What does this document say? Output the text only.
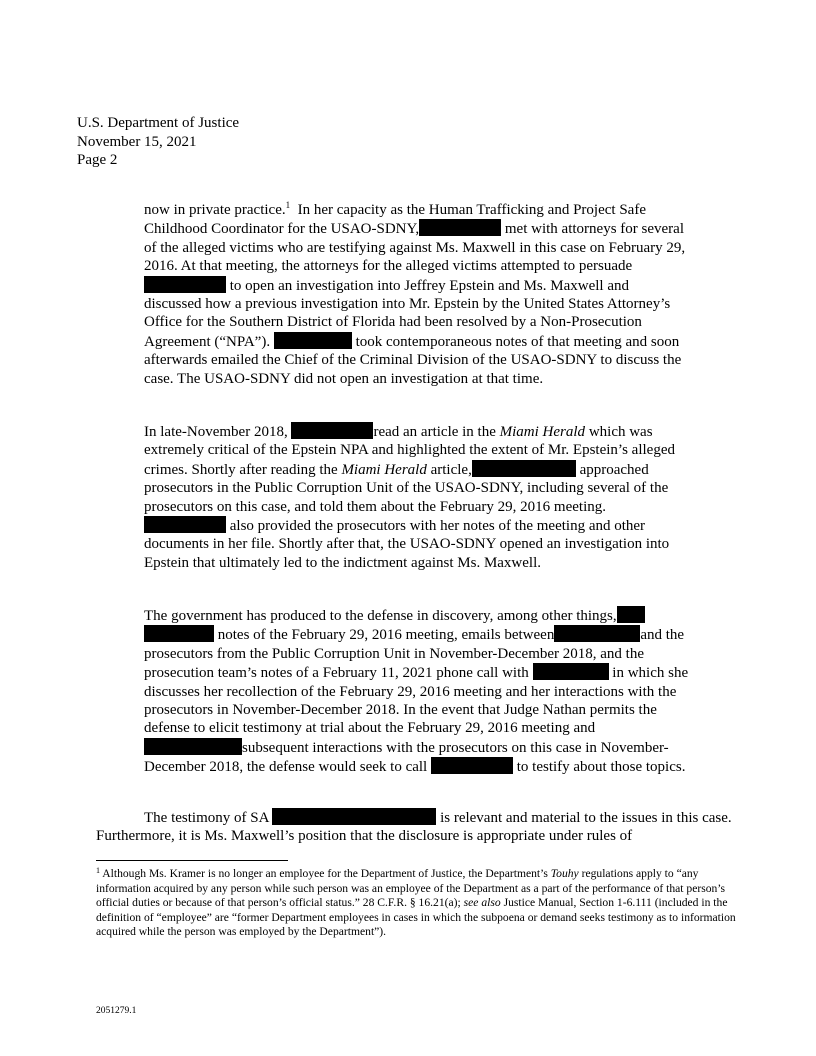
U.S. Department of Justice
November 15, 2021
Page 2

now in private practice.$^1$ In her capacity as the Human Trafficking and Project Safe Childhood Coordinator for the USAO-SDNY,	met with attorneys for several of the alleged victims who are testifying against Ms. Maxwell in this case on February 29, 2016. At that meeting, the attorneys for the alleged victims attempted to persuade to open an investigation into Jeffrey Epstein and Ms. Maxwell and discussed how a previous investigation into Mr. Epstein by the United States Attorney’s Office for the Southern District of Florida had been resolved by a Non-Prosecution Agreement (“NPA”).	took contemporaneous notes of that meeting and soon afterwards emailed the Chief of the Criminal Division of the USAO-SDNY to discuss the case. The USAO-SDNY did not open an investigation at that time.

In late-November 2018,	read an article in the Miami Herald which was extremely critical of the Epstein NPA and highlighted the extent of Mr. Epstein’s alleged crimes. Shortly after reading the Miami Herald article,	approached prosecutors in the Public Corruption Unit of the USAO-SDNY, including several of the prosecutors on this case, and told them about the February 29, 2016 meeting.  also provided the prosecutors with her notes of the meeting and other documents in her file. Shortly after that, the USAO-SDNY opened an investigation into Epstein that ultimately led to the indictment against Ms. Maxwell.

The government has produced to the defense in discovery, among other things,  notes of the February 29, 2016 meeting, emails between	and the prosecutors from the Public Corruption Unit in November-December 2018, and the prosecution team’s notes of a February 11, 2021 phone call with	in which she discusses her recollection of the February 29, 2016 meeting and her interactions with the prosecutors in November-December 2018. In the event that Judge Nathan permits the defense to elicit testimony at trial about the February 29, 2016 meeting andsubsequent interactions with the prosecutors on this case in November-December 2018, the defense would seek to call	to testify about those topics.

The testimony of SA	is relevant and material to the issues in this case. Furthermore, it is Ms. Maxwell’s position that the disclosure is appropriate under rules of

$^1$ Although Ms. Kramer is no longer an employee for the Department of Justice, the Department’s Touhy regulations apply to “any information acquired by any person while such person was an employee of the Department as a part of the performance of that person’s official duties or because of that person’s official status.” 28 C.F.R. § 16.21(a); see also Justice Manual, Section 1-6.111 (included in the definition of “employee” are “former Department employees in cases in which the subpoena or demand seeks testimony as to information acquired while the person was employed by the Department”).
2051279.1
